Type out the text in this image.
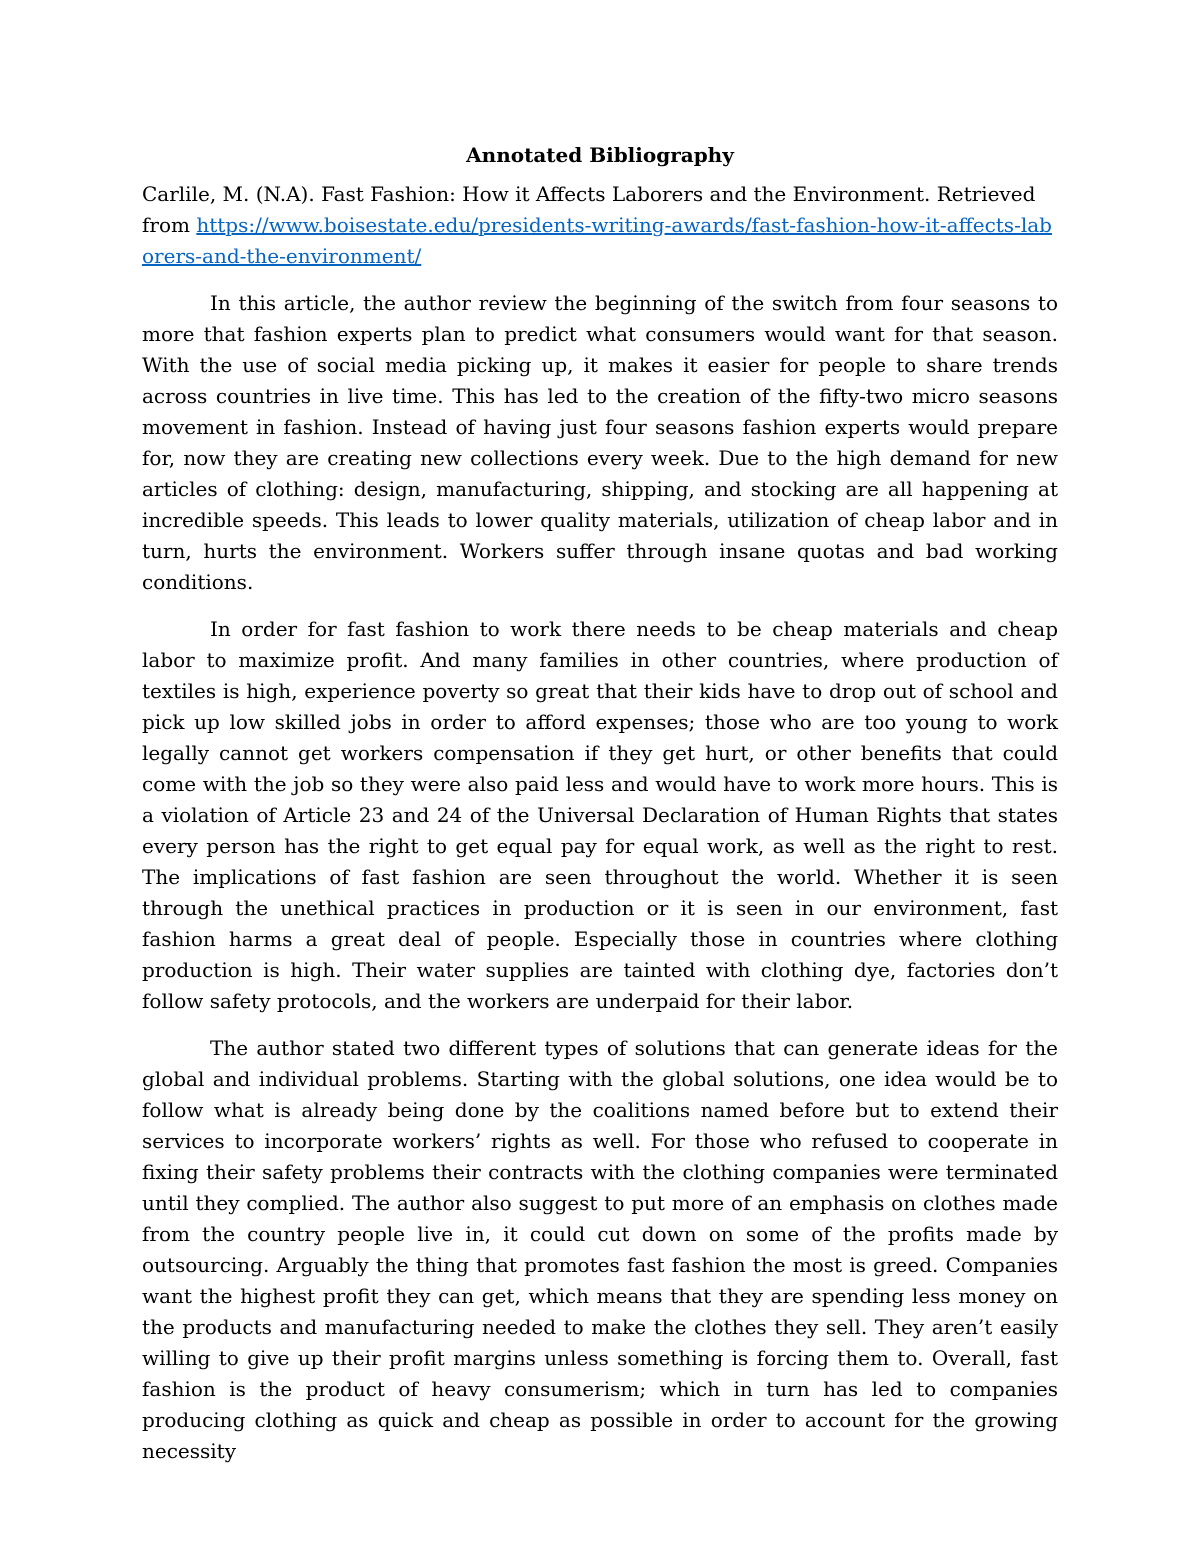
Annotated Bibliography

Carlile, M. (N.A). Fast Fashion: How it Affects Laborers and the Environment. Retrieved from https://www.boisestate.edu/presidents-writing-awards/fast-fashion-how-it-affects-laborers-and-the-environment/

In this article, the author review the beginning of the switch from four seasons to more that fashion experts plan to predict what consumers would want for that season. With the use of social media picking up, it makes it easier for people to share trends across countries in live time. This has led to the creation of the fifty-two micro seasons movement in fashion. Instead of having just four seasons fashion experts would prepare for, now they are creating new collections every week. Due to the high demand for new articles of clothing: design, manufacturing, shipping, and stocking are all happening at incredible speeds. This leads to lower quality materials, utilization of cheap labor and in turn, hurts the environment. Workers suffer through insane quotas and bad working conditions.

In order for fast fashion to work there needs to be cheap materials and cheap labor to maximize profit. And many families in other countries, where production of textiles is high, experience poverty so great that their kids have to drop out of school and pick up low skilled jobs in order to afford expenses; those who are too young to work legally cannot get workers compensation if they get hurt, or other benefits that could come with the job so they were also paid less and would have to work more hours. This is a violation of Article 23 and 24 of the Universal Declaration of Human Rights that states every person has the right to get equal pay for equal work, as well as the right to rest. The implications of fast fashion are seen throughout the world. Whether it is seen through the unethical practices in production or it is seen in our environment, fast fashion harms a great deal of people. Especially those in countries where clothing production is high. Their water supplies are tainted with clothing dye, factories don’t follow safety protocols, and the workers are underpaid for their labor.

The author stated two different types of solutions that can generate ideas for the global and individual problems. Starting with the global solutions, one idea would be to follow what is already being done by the coalitions named before but to extend their services to incorporate workers’ rights as well. For those who refused to cooperate in fixing their safety problems their contracts with the clothing companies were terminated until they complied. The author also suggest to put more of an emphasis on clothes made from the country people live in, it could cut down on some of the profits made by outsourcing. Arguably the thing that promotes fast fashion the most is greed. Companies want the highest profit they can get, which means that they are spending less money on the products and manufacturing needed to make the clothes they sell. They aren’t easily willing to give up their profit margins unless something is forcing them to. Overall, fast fashion is the product of heavy consumerism; which in turn has led to companies producing clothing as quick and cheap as possible in order to account for the growing necessity
